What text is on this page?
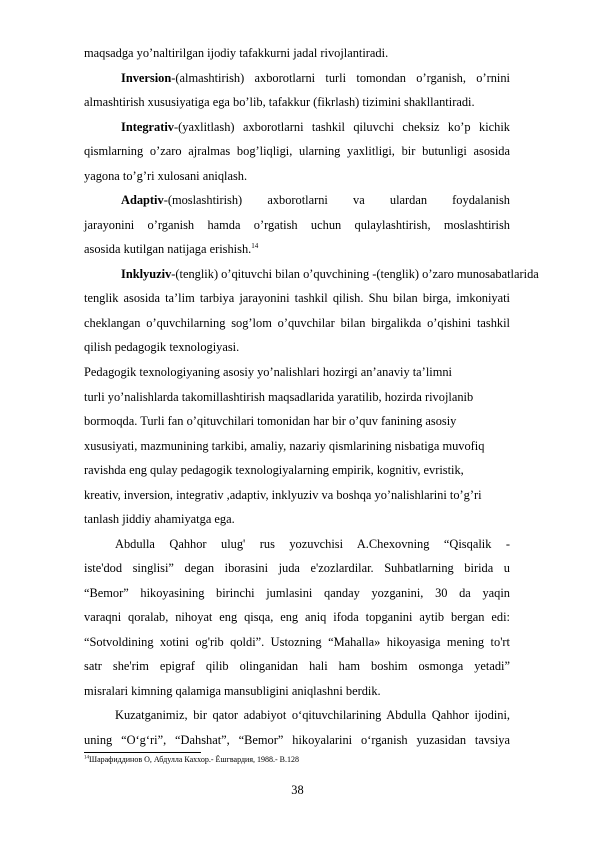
maqsadga yo’naltirilgan ijodiy tafakkurni jadal rivojlantiradi.
Inversion-(almashtirish) axborotlarni turli tomondan o’rganish, o’rnini
almashtirish xususiyatiga ega bo’lib, tafakkur (fikrlash) tizimini shakllantiradi.
Integrativ-(yaxlitlash) axborotlarni tashkil qiluvchi cheksiz ko’p kichik
qismlarning o’zaro ajralmas bog’liqligi, ularning yaxlitligi, bir butunligi asosida
yagona to’g’ri xulosani aniqlash.
Adaptiv-(moslashtirish) axborotlarni va ulardan foydalanish
jarayonini o’rganish hamda o’rgatish uchun qulaylashtirish, moslashtirish
asosida kutilgan natijaga erishish.$^{14}$
Inklyuziv-(tenglik) o’qituvchi bilan o’quvchining -(tenglik) o’zaro munosabatlarida
tenglik asosida ta’lim tarbiya jarayonini tashkil qilish. Shu bilan birga, imkoniyati
cheklangan o’quvchilarning sog’lom o’quvchilar bilan birgalikda o’qishini tashkil
qilish pedagogik texnologiyasi.
Pedagogik texnologiyaning asosiy yo’nalishlari hozirgi an’anaviy ta’limni
turli yo’nalishlarda takomillashtirish maqsadlarida yaratilib, hozirda rivojlanib
bormoqda. Turli fan o’qituvchilari tomonidan har bir o’quv fanining asosiy
xususiyati, mazmunining tarkibi, amaliy, nazariy qismlarining nisbatiga muvofiq
ravishda eng qulay pedagogik texnologiyalarning empirik, kognitiv, evristik,
kreativ, inversion, integrativ ,adaptiv, inklyuziv va boshqa yo’nalishlarini to’g’ri
tanlash jiddiy ahamiyatga ega.
Abdulla Qahhor ulug' rus yozuvchisi A.Chexovning “Qisqalik -
iste'dod singlisi” degan iborasini juda e'zozlardilar. Suhbatlarning birida u
“Bemor” hikoyasining birinchi jumlasini qanday yozganini, 30 da yaqin
varaqni qoralab, nihoyat eng qisqa, eng aniq ifoda topganini aytib bergan edi:
“Sotvoldining xotini og'rib qoldi”. Ustozning “Mahalla» hikoyasiga mening to'rt
satr she'rim epigraf qilib olinganidan hali ham boshim osmonga yetadi”
misralari kimning qalamiga mansubligini aniqlashni berdik.
Kuzatganimiz, bir qator adabiyot o‘qituvchilarining Abdulla Qahhor ijodini,
uning “O‘g‘ri”, “Dahshat”, “Bemor” hikoyalarini o‘rganish yuzasidan tavsiya
$^{14}$Шарафиддинов О, Абдулла Каххор.- Ёшгвардия, 1988.- В.128
38
